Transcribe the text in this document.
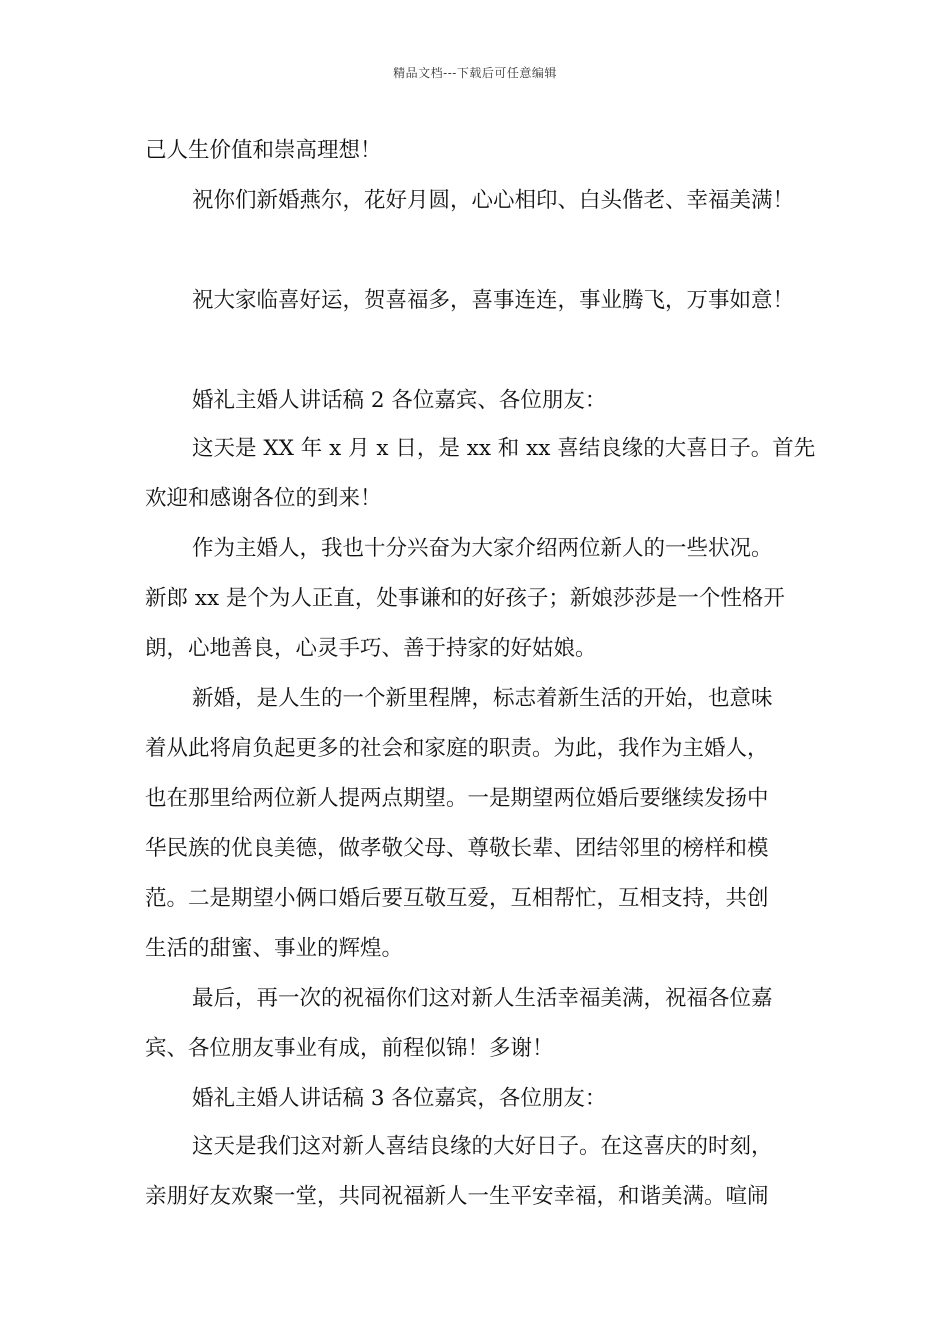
精品文档---下载后可任意编辑
己人生价值和崇高理想！
祝你们新婚燕尔，花好月圆，心心相印、白头偕老、幸福美满！
祝大家临喜好运，贺喜福多，喜事连连，事业腾飞，万事如意！
婚礼主婚人讲话稿 2 各位嘉宾、各位朋友：
这天是 XX 年 x 月 x 日，是 xx 和 xx 喜结良缘的大喜日子。首先
欢迎和感谢各位的到来！
作为主婚人，我也十分兴奋为大家介绍两位新人的一些状况。
新郎 xx 是个为人正直，处事谦和的好孩子；新娘莎莎是一个性格开
朗，心地善良，心灵手巧、善于持家的好姑娘。
新婚，是人生的一个新里程牌，标志着新生活的开始，也意味
着从此将肩负起更多的社会和家庭的职责。为此，我作为主婚人，
也在那里给两位新人提两点期望。一是期望两位婚后要继续发扬中
华民族的优良美德，做孝敬父母、尊敬长辈、团结邻里的榜样和模
范。二是期望小俩口婚后要互敬互爱，互相帮忙，互相支持，共创
生活的甜蜜、事业的辉煌。
最后，再一次的祝福你们这对新人生活幸福美满，祝福各位嘉
宾、各位朋友事业有成，前程似锦！多谢！
婚礼主婚人讲话稿 3 各位嘉宾，各位朋友：
这天是我们这对新人喜结良缘的大好日子。在这喜庆的时刻，
亲朋好友欢聚一堂，共同祝福新人一生平安幸福，和谐美满。喧闹
